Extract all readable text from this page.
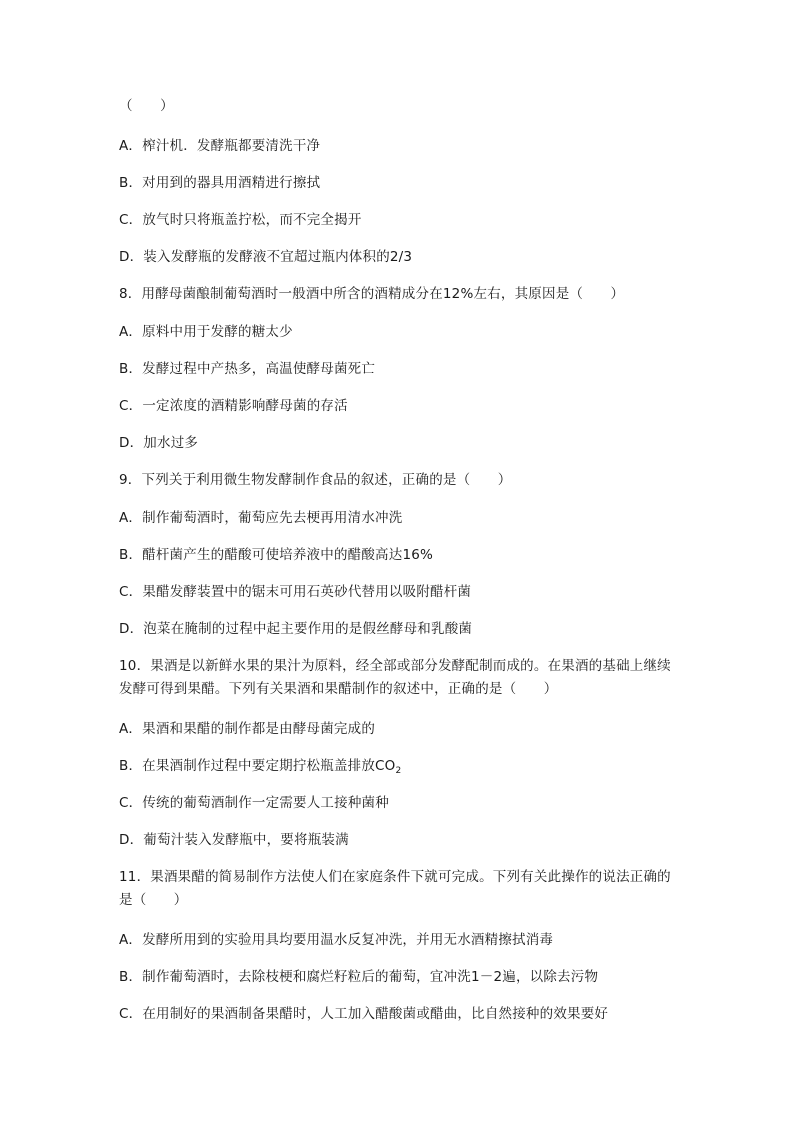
（　　）
A．榨汁机．发酵瓶都要清洗干净
B．对用到的器具用酒精进行擦拭
C．放气时只将瓶盖拧松，而不完全揭开
D．装入发酵瓶的发酵液不宜超过瓶内体积的2/3
8．用酵母菌酿制葡萄酒时一般酒中所含的酒精成分在12%左右，其原因是（　　）
A．原料中用于发酵的糖太少
B．发酵过程中产热多，高温使酵母菌死亡
C．一定浓度的酒精影响酵母菌的存活
D．加水过多
9．下列关于利用微生物发酵制作食品的叙述，正确的是（　　）
A．制作葡萄酒时，葡萄应先去梗再用清水冲洗
B．醋杆菌产生的醋酸可使培养液中的醋酸高达16%
C．果醋发酵装置中的锯末可用石英砂代替用以吸附醋杆菌
D．泡菜在腌制的过程中起主要作用的是假丝酵母和乳酸菌
10．果酒是以新鲜水果的果汁为原料，经全部或部分发酵配制而成的。在果酒的基础上继续发酵可得到果醋。下列有关果酒和果醋制作的叙述中，正确的是（　　）
A．果酒和果醋的制作都是由酵母菌完成的
B．在果酒制作过程中要定期拧松瓶盖排放$CO_2$
C．传统的葡萄酒制作一定需要人工接种菌种
D．葡萄汁装入发酵瓶中，要将瓶装满
11．果酒果醋的简易制作方法使人们在家庭条件下就可完成。下列有关此操作的说法正确的是（　　）
A．发酵所用到的实验用具均要用温水反复冲洗，并用无水酒精擦拭消毒
B．制作葡萄酒时，去除枝梗和腐烂籽粒后的葡萄，宜冲洗1－2遍，以除去污物
C．在用制好的果酒制备果醋时，人工加入醋酸菌或醋曲，比自然接种的效果要好
